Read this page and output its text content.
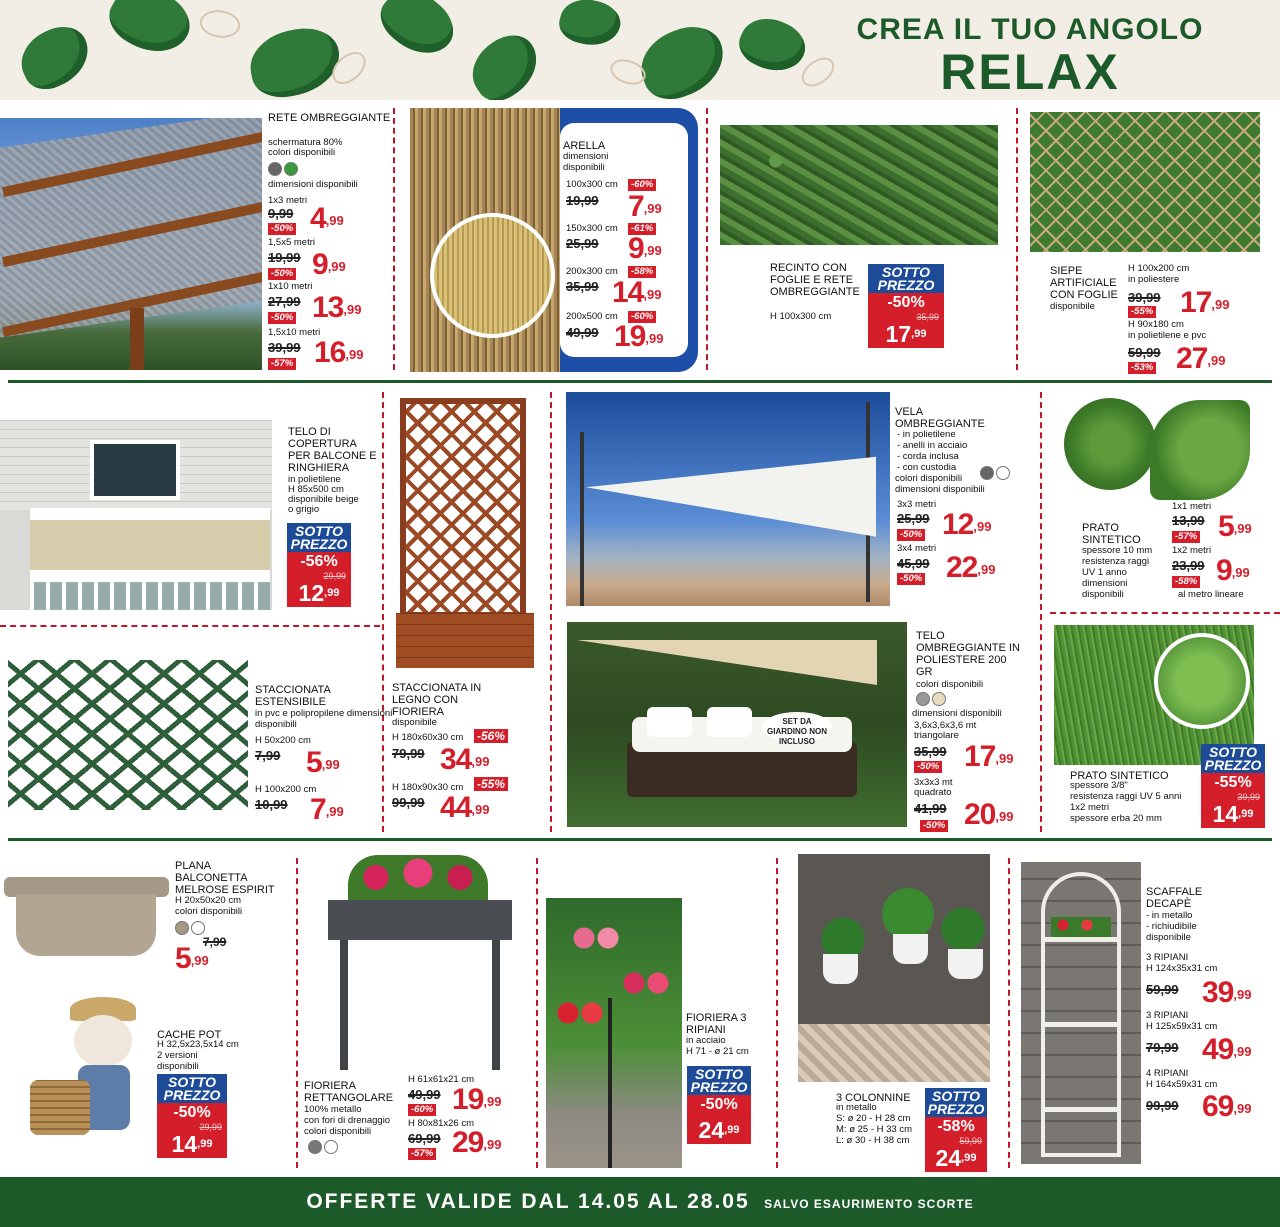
CREA IL TUO ANGOLO
RELAX
RETE OMBREGGIANTE
schermatura 80%
colori disponibili
dimensioni disponibili
1x3 metri
9,99
-50% $4^{,99}$
1,5x5 metri
19,99
-50% $9^{,99}$
1x10 metri
27,99
-50% $13^{,99}$
1,5x10 metri
39,99
-57% $16^{,99}$
ARELLA
dimensioni disponibili
100x300 cm	-60%
19,99 $7^{,99}$
150x300 cm	-61%
25,99 $9^{,99}$
200x300 cm	-58%
35,99 $14^{,99}$
200x500 cm	-60%
49,99 $19^{,99}$
RECINTO CON FOGLIE E RETE OMBREGGIANTE
H 100x300 cm
SOTTO PREZZO
-50%
35,99
$17^{,99}$
SIEPE ARTIFICIALE CON FOGLIE
disponibile
H 100x200 cm
in poliestere
39,99
-55% $17^{,99}$
H 90x180 cm
in polietilene e pvc
59,99
-53% $27^{,99}$
TELO DI COPERTURA PER BALCONE E RINGHIERA
in polietilene
H 85x500 cm
disponibile beige
o grigio
SOTTO PREZZO
-56%
29,99
$12^{,99}$
VELA OMBREGGIANTE
- in polietilene
- anelli in acciaio
- corda inclusa
- con custodia
colori disponibili
dimensioni disponibili
3x3 metri
25,99
-50% $12^{,99}$
3x4 metri
45,99
-50% $22^{,99}$
PRATO SINTETICO
spessore 10 mm
resistenza raggi
UV 1 anno
dimensioni
disponibili
1x1 metri
13,99
-57% $5^{,99}$
1x2 metri
23,99
-58% $9^{,99}$
al metro lineare
STACCIONATA ESTENSIBILE
in pvc e polipropilene dimensioni disponibili
H 50x200 cm
7,99 $5^{,99}$
H 100x200 cm
10,99 $7^{,99}$
STACCIONATA IN LEGNO CON FIORIERA
disponibile
H 180x60x30 cm -56%
79,99 $34^{,99}$
H 180x90x30 cm -55%
99,99 $44^{,99}$
SET DA GIARDINO NON INCLUSO
TELO OMBREGGIANTE IN POLIESTERE 200 GR
colori disponibili
dimensioni disponibili
3,6x3,6x3,6 mt
triangolare
35,99
-50% $17^{,99}$
3x3x3 mt
quadrato
41,99
-50% $20^{,99}$
PRATO SINTETICO
spessore 3/8"
resistenza raggi UV 5 anni
1x2 metri
spessore erba 20 mm
SOTTO PREZZO
-55%
39,99
$14^{,99}$
PLANA BALCONETTA MELROSE ESPIRIT
H 20x50x20 cm
colori disponibili
7,99
$5^{,99}$
CACHE POT
H 32,5x23,5x14 cm
2 versioni
disponibili
SOTTO PREZZO
-50%
29,99
$14^{,99}$
FIORIERA RETTANGOLARE
100% metallo
con fori di drenaggio
colori disponibili
H 61x61x21 cm
49,99
-60% $19^{,99}$
H 80x81x26 cm
69,99
-57% $29^{,99}$
FIORIERA 3 RIPIANI
in acciaio
H 71 - ø 21 cm
SOTTO PREZZO
-50%
$24^{,99}$
3 COLONNINE
in metallo
S: ø 20 - H 28 cm
M: ø 25 - H 33 cm
L: ø 30 - H 38 cm
SOTTO PREZZO
-58%
59,99
$24^{,99}$
SCAFFALE DECAPÈ
- in metallo
- richiudibile
disponibile
3 RIPIANI
H 124x35x31 cm
59,99 $39^{,99}$
3 RIPIANI
H 125x59x31 cm
79,99 $49^{,99}$
4 RIPIANI
H 164x59x31 cm
99,99 $69^{,99}$
OFFERTE VALIDE DAL 14.05 AL 28.05 SALVO ESAURIMENTO SCORTE
